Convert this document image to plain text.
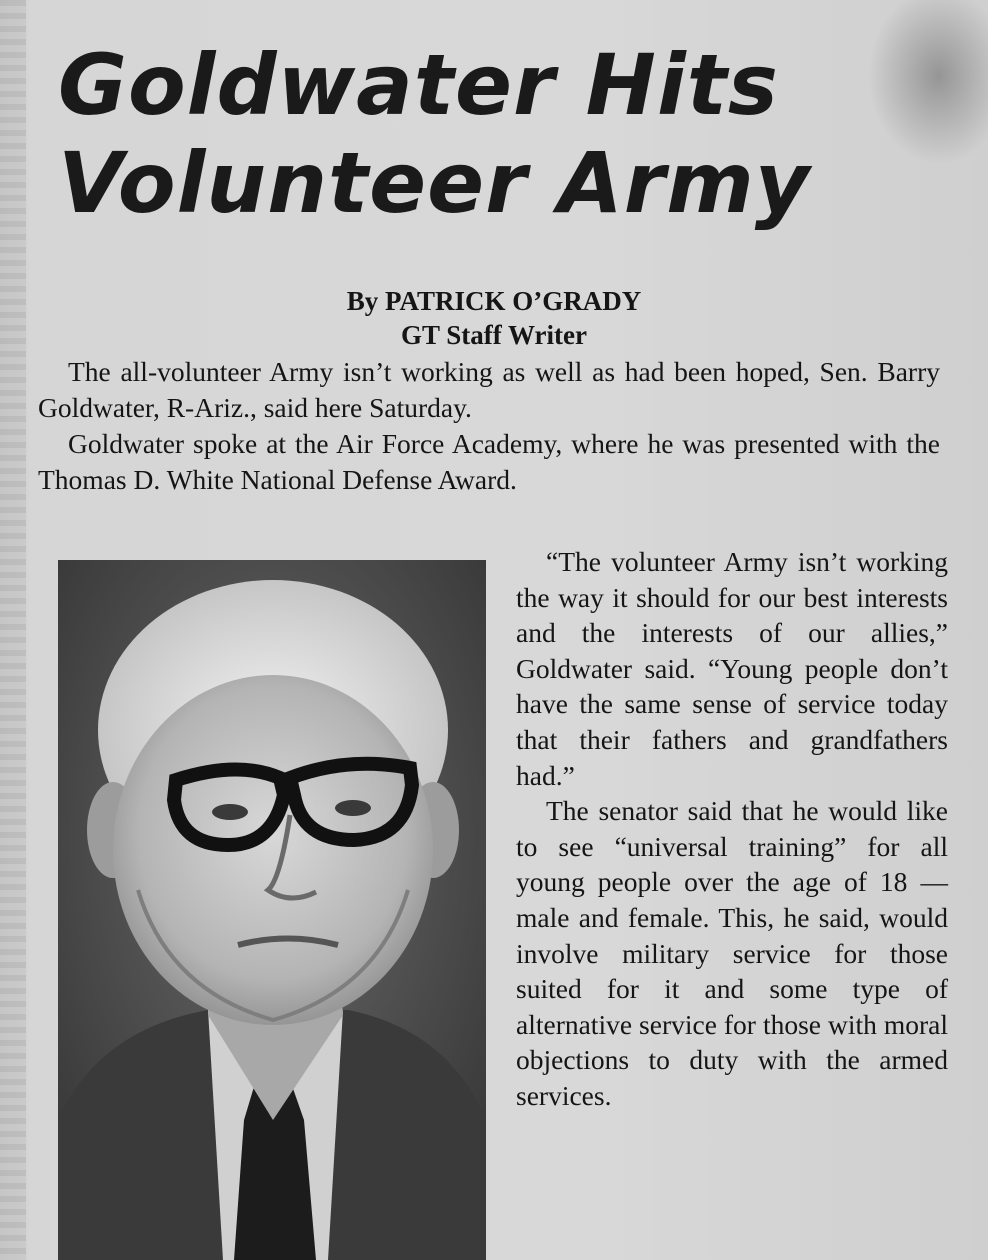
Goldwater Hits
Volunteer Army
By PATRICK O’GRADY
GT Staff Writer

The all-volunteer Army isn’t working as well as had been hoped, Sen. Barry Goldwater, R-Ariz., said here Saturday.

Goldwater spoke at the Air Force Academy, where he was presented with the Thomas D. White National Defense Award.

“The volunteer Army isn’t working the way it should for our best interests and the interests of our allies,” Goldwater said. “Young people don’t have the same sense of service today that their fathers and grandfathers had.”

The senator said that he would like to see “universal training” for all young people over the age of 18 — male and female. This, he said, would involve military service for those suited for it and some type of alternative service for those with moral objections to duty with the armed services.
